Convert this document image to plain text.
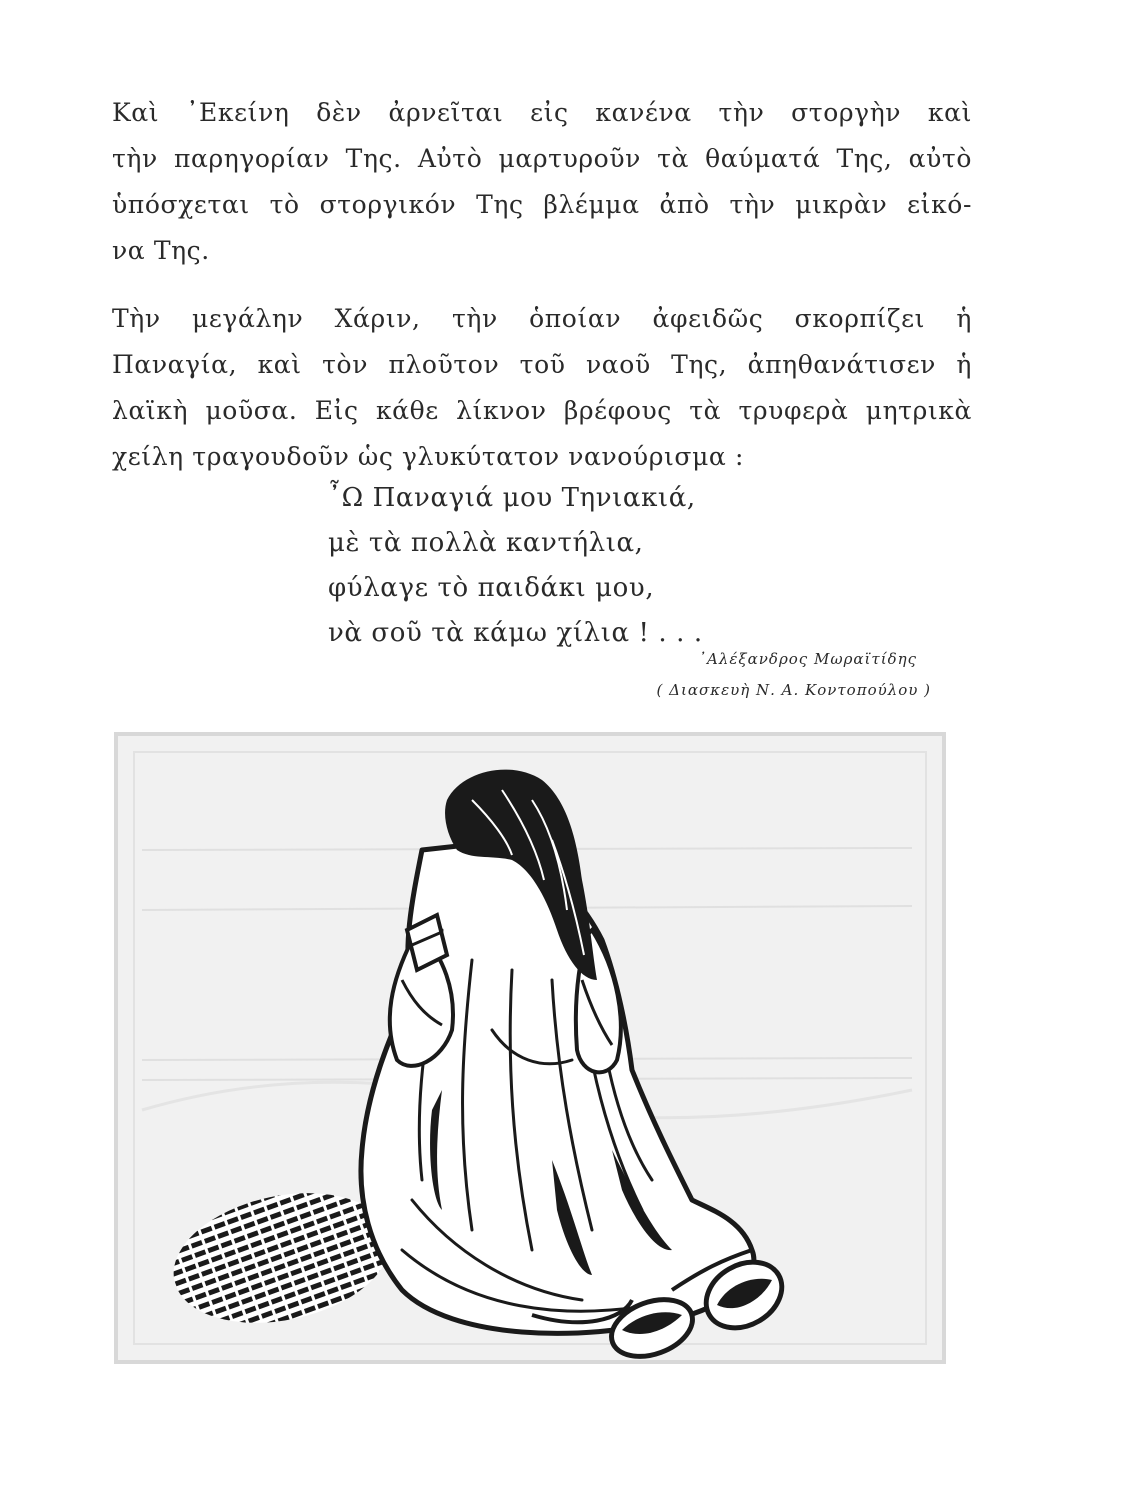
Καὶ ᾽Εκείνη δὲν ἀρνεῖται εἰς κανένα τὴν στοργὴν καὶ
τὴν παρηγορίαν Της. Αὐτὸ μαρτυροῦν τὰ θαύματά Της, αὐτὸ
ὑπόσχεται τὸ στοργικόν Της βλέμμα ἀπὸ τὴν μικρὰν εἰκό-
να Της.
Τὴν μεγάλην Χάριν, τὴν ὁποίαν ἀφειδῶς σκορπίζει ἡ
Παναγία, καὶ τὸν πλοῦτον τοῦ ναοῦ Της, ἀπηθανάτισεν ἡ
λαϊκὴ μοῦσα. Εἰς κάθε λίκνον βρέφους τὰ τρυφερὰ μητρικὰ
χείλη τραγουδοῦν ὡς γλυκύτατον νανούρισμα :
῏Ω Παναγιά μου Τηνιακιά,
μὲ τὰ πολλὰ καντήλια,
φύλαγε τὸ παιδάκι μου,
νὰ σοῦ τὰ κάμω χίλια ! . . .
᾽Αλέξανδρος Μωραϊτίδης
( Διασκευὴ Ν. Α. Κοντοπούλου )
